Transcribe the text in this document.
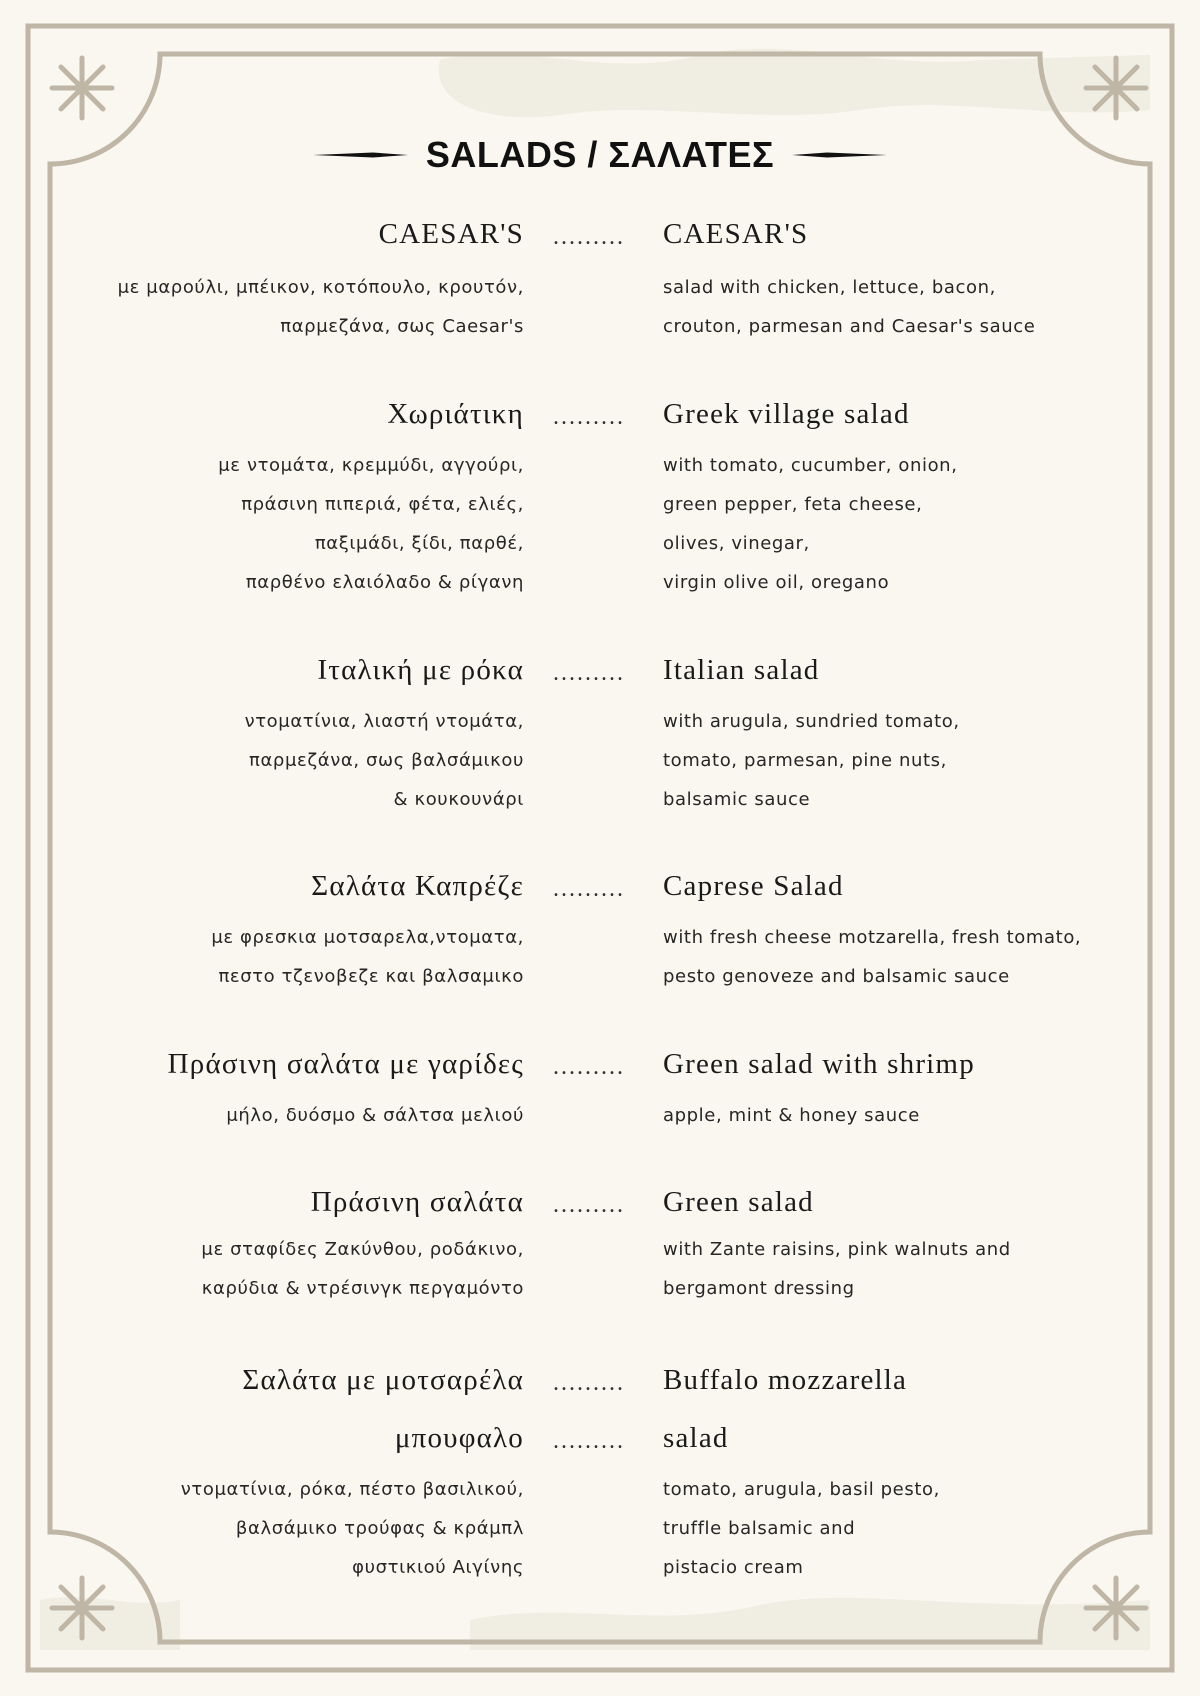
SALADS / ΣΑΛΑΤΕΣ
CAESAR'S ......... CAESAR'S
με μαρούλι, μπέικον, κοτόπουλο, κρουτόν,
παρμεζάνα, σως Caesar's
salad with chicken, lettuce, bacon,
crouton, parmesan and Caesar's sauce
Χωριάτικη ......... Greek village salad
με ντομάτα, κρεμμύδι, αγγούρι,
πράσινη πιπεριά, φέτα, ελιές,
παξιμάδι, ξίδι, παρθέ,
παρθένο ελαιόλαδο & ρίγανη
with tomato, cucumber, onion,
green pepper, feta cheese,
olives, vinegar,
virgin olive oil, oregano
Ιταλική με ρόκα ......... Italian salad
ντοματίνια, λιαστή ντομάτα,
παρμεζάνα, σως βαλσάμικου
& κουκουνάρι
with arugula, sundried tomato,
tomato, parmesan, pine nuts,
balsamic sauce
Σαλάτα Καπρέζε ......... Caprese Salad
με φρεσκια μοτσαρελα,ντοματα,
πεστο τζενοβεζε και βαλσαμικο
with fresh cheese motzarella, fresh tomato,
pesto genoveze and balsamic sauce
Πράσινη σαλάτα με γαρίδες ......... Green salad with shrimp
μήλο, δυόσμο & σάλτσα μελιού	apple, mint & honey sauce
Πράσινη σαλάτα ......... Green salad
με σταφίδες Ζακύνθου, ροδάκινο,
καρύδια & ντρέσινγκ περγαμόντο
with Zante raisins, pink walnuts and
bergamont dressing
Σαλάτα με μοτσαρέλα ......... Buffalo mozzarella
μπουφαλο ......... salad
ντοματίνια, ρόκα, πέστο βασιλικού,
βαλσάμικο τρούφας & κράμπλ
φυστικιού Αιγίνης
tomato, arugula, basil pesto,
truffle balsamic and
pistacio cream
